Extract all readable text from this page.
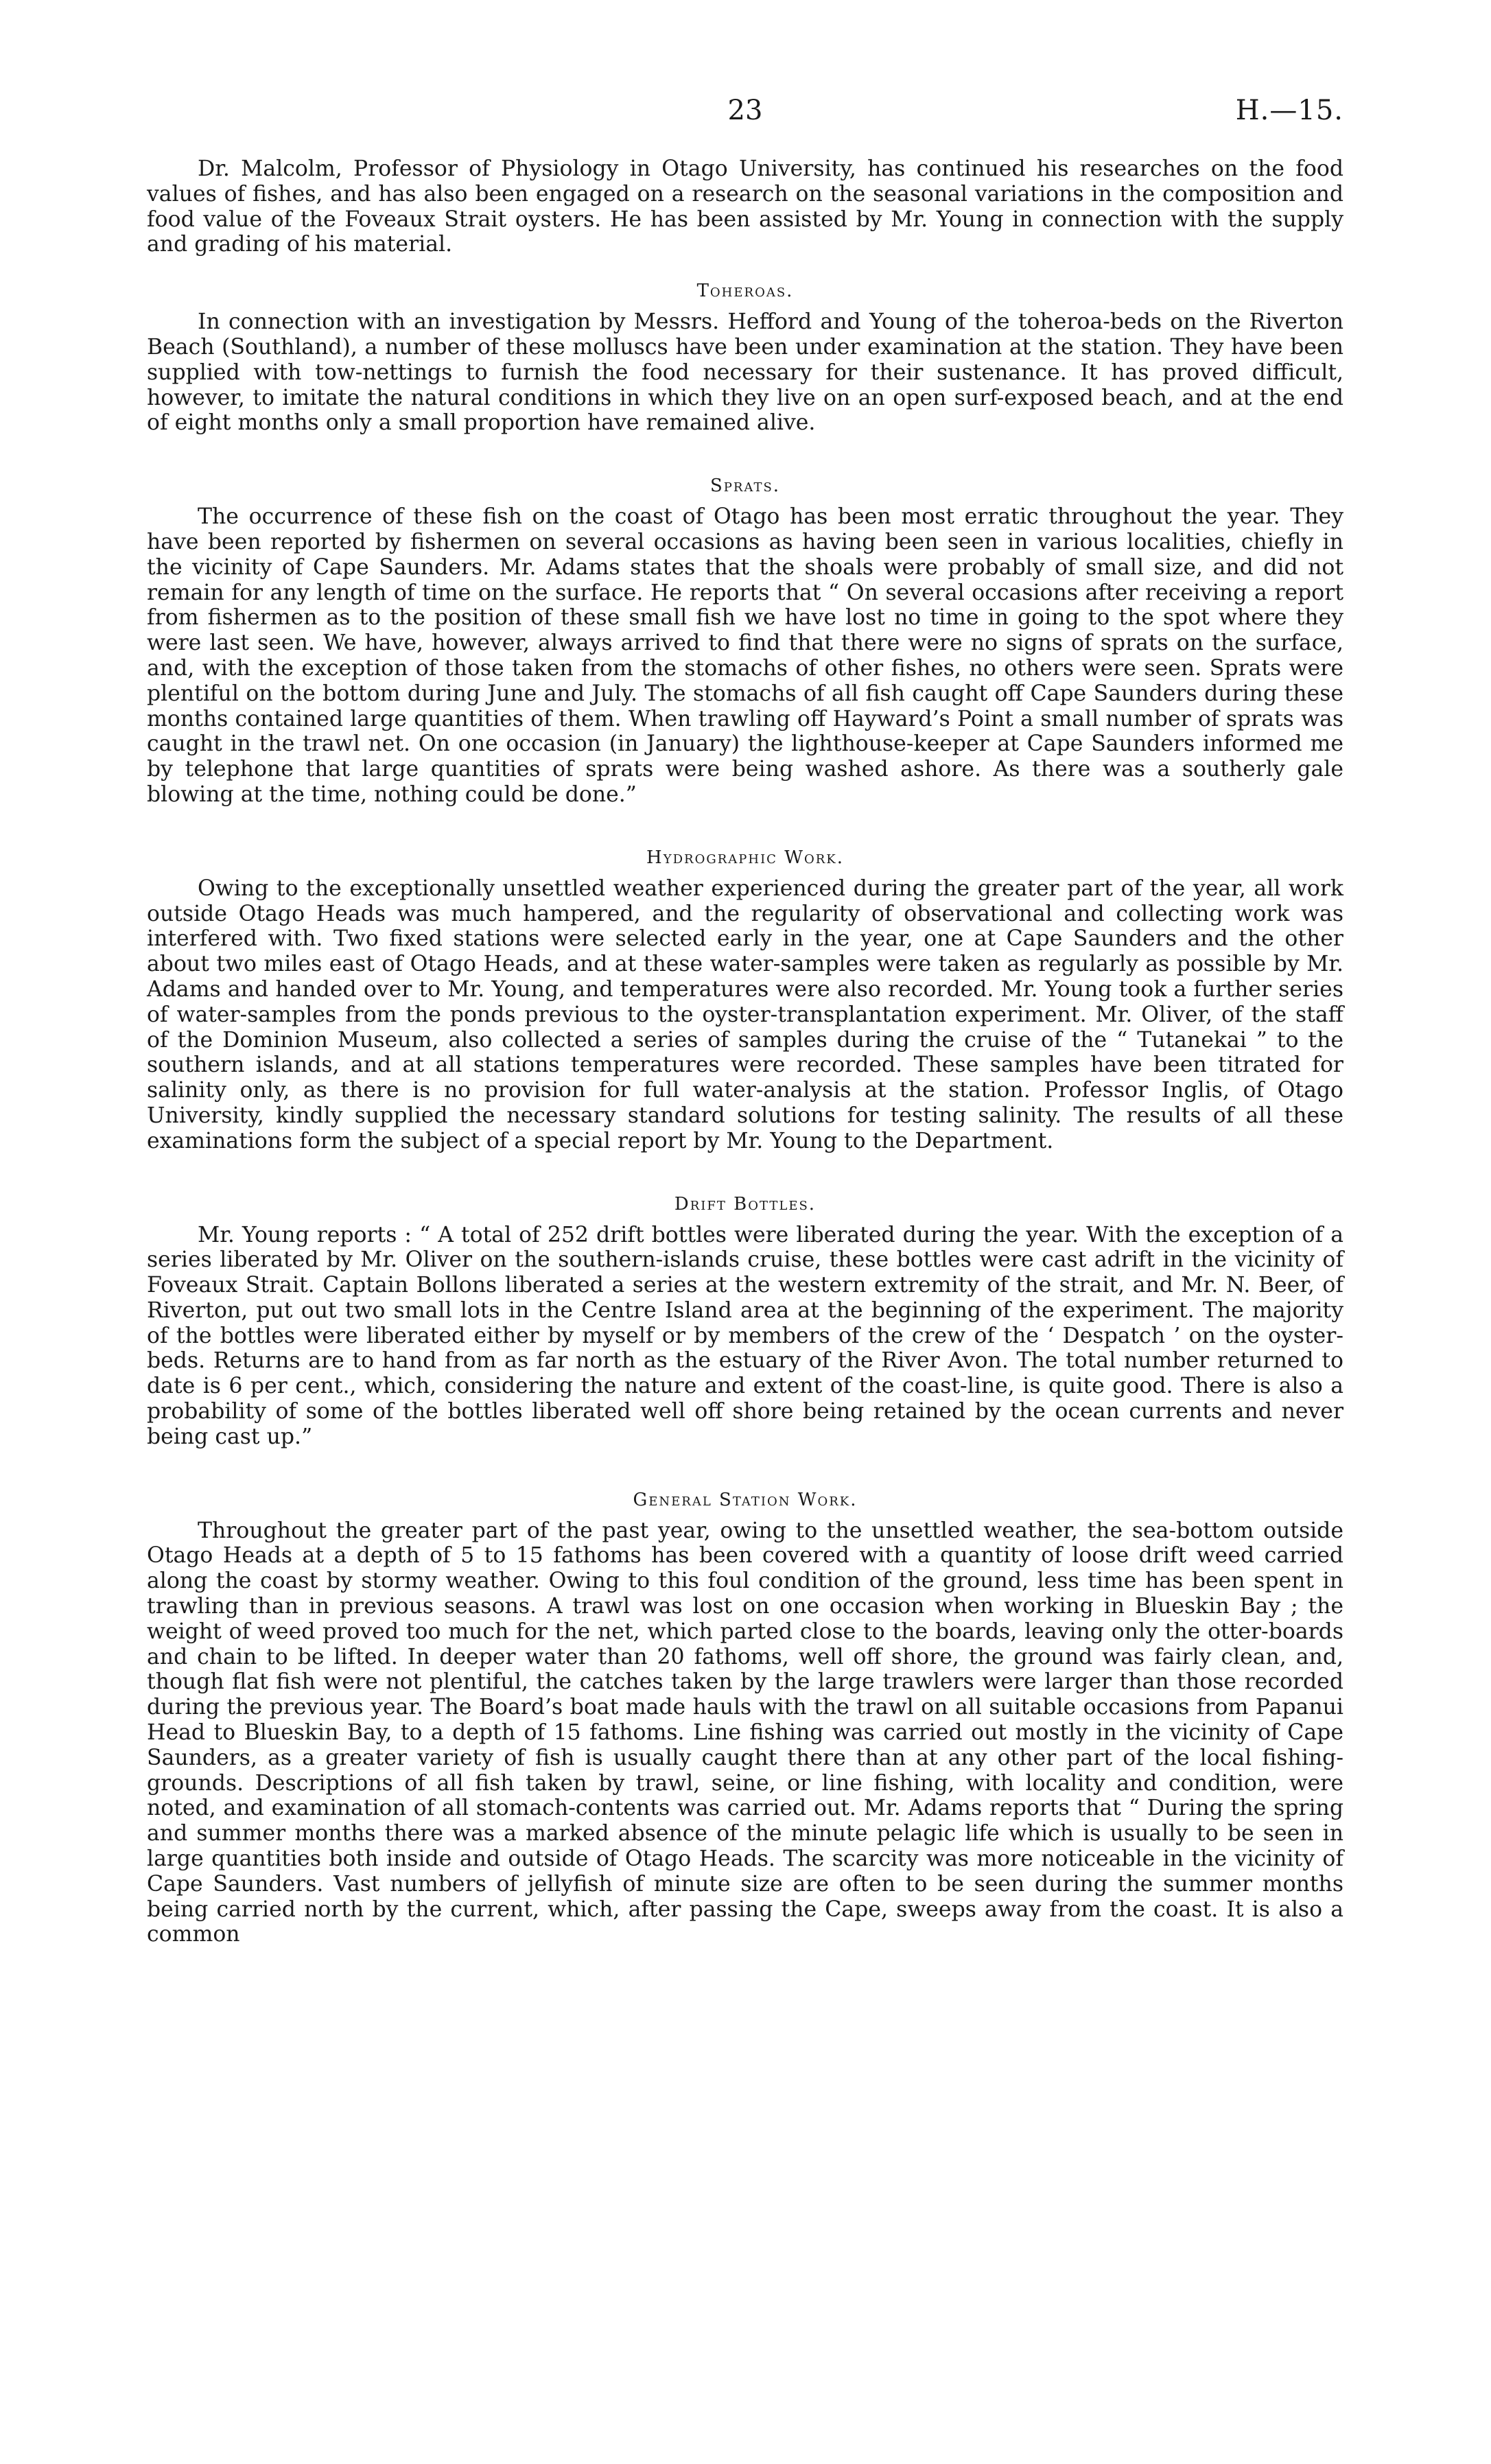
23	H.—15.

Dr. Malcolm, Professor of Physiology in Otago University, has continued his researches on the food values of fishes, and has also been engaged on a research on the seasonal variations in the composition and food value of the Foveaux Strait oysters. He has been assisted by Mr. Young in connection with the supply and grading of his material.

Toheroas.

In connection with an investigation by Messrs. Hefford and Young of the toheroa-beds on the Riverton Beach (Southland), a number of these molluscs have been under examination at the station. They have been supplied with tow-nettings to furnish the food necessary for their sustenance. It has proved difficult, however, to imitate the natural conditions in which they live on an open surf-exposed beach, and at the end of eight months only a small proportion have remained alive.

Sprats.

The occurrence of these fish on the coast of Otago has been most erratic throughout the year. They have been reported by fishermen on several occasions as having been seen in various localities, chiefly in the vicinity of Cape Saunders. Mr. Adams states that the shoals were probably of small size, and did not remain for any length of time on the surface. He reports that “ On several occasions after receiving a report from fishermen as to the position of these small fish we have lost no time in going to the spot where they were last seen. We have, however, always arrived to find that there were no signs of sprats on the surface, and, with the exception of those taken from the stomachs of other fishes, no others were seen. Sprats were plentiful on the bottom during June and July. The stomachs of all fish caught off Cape Saunders during these months contained large quantities of them. When trawling off Hayward’s Point a small number of sprats was caught in the trawl net. On one occasion (in January) the lighthouse-keeper at Cape Saunders informed me by telephone that large quantities of sprats were being washed ashore. As there was a southerly gale blowing at the time, nothing could be done.”

Hydrographic Work.

Owing to the exceptionally unsettled weather experienced during the greater part of the year, all work outside Otago Heads was much hampered, and the regularity of observational and collecting work was interfered with. Two fixed stations were selected early in the year, one at Cape Saunders and the other about two miles east of Otago Heads, and at these water-samples were taken as regularly as possible by Mr. Adams and handed over to Mr. Young, and temperatures were also recorded. Mr. Young took a further series of water-samples from the ponds previous to the oyster-transplantation experiment. Mr. Oliver, of the staff of the Dominion Museum, also collected a series of samples during the cruise of the “ Tutanekai ” to the southern islands, and at all stations temperatures were recorded. These samples have been titrated for salinity only, as there is no provision for full water-analysis at the station. Professor Inglis, of Otago University, kindly supplied the necessary standard solutions for testing salinity. The results of all these examinations form the subject of a special report by Mr. Young to the Department.

Drift Bottles.

Mr. Young reports : “ A total of 252 drift bottles were liberated during the year. With the exception of a series liberated by Mr. Oliver on the southern-islands cruise, these bottles were cast adrift in the vicinity of Foveaux Strait. Captain Bollons liberated a series at the western extremity of the strait, and Mr. N. Beer, of Riverton, put out two small lots in the Centre Island area at the beginning of the experiment. The majority of the bottles were liberated either by myself or by members of the crew of the ‘ Despatch ’ on the oyster-beds. Returns are to hand from as far north as the estuary of the River Avon. The total number returned to date is 6 per cent., which, considering the nature and extent of the coast-line, is quite good. There is also a probability of some of the bottles liberated well off shore being retained by the ocean currents and never being cast up.”

General Station Work.

Throughout the greater part of the past year, owing to the unsettled weather, the sea-bottom outside Otago Heads at a depth of 5 to 15 fathoms has been covered with a quantity of loose drift weed carried along the coast by stormy weather. Owing to this foul condition of the ground, less time has been spent in trawling than in previous seasons. A trawl was lost on one occasion when working in Blueskin Bay ; the weight of weed proved too much for the net, which parted close to the boards, leaving only the otter-boards and chain to be lifted. In deeper water than 20 fathoms, well off shore, the ground was fairly clean, and, though flat fish were not plentiful, the catches taken by the large trawlers were larger than those recorded during the previous year. The Board’s boat made hauls with the trawl on all suitable occasions from Papanui Head to Blueskin Bay, to a depth of 15 fathoms. Line fishing was carried out mostly in the vicinity of Cape Saunders, as a greater variety of fish is usually caught there than at any other part of the local fishing-grounds. Descriptions of all fish taken by trawl, seine, or line fishing, with locality and condition, were noted, and examination of all stomach-contents was carried out. Mr. Adams reports that “ During the spring and summer months there was a marked absence of the minute pelagic life which is usually to be seen in large quantities both inside and outside of Otago Heads. The scarcity was more noticeable in the vicinity of Cape Saunders. Vast numbers of jellyfish of minute size are often to be seen during the summer months being carried north by the current, which, after passing the Cape, sweeps away from the coast. It is also a common
